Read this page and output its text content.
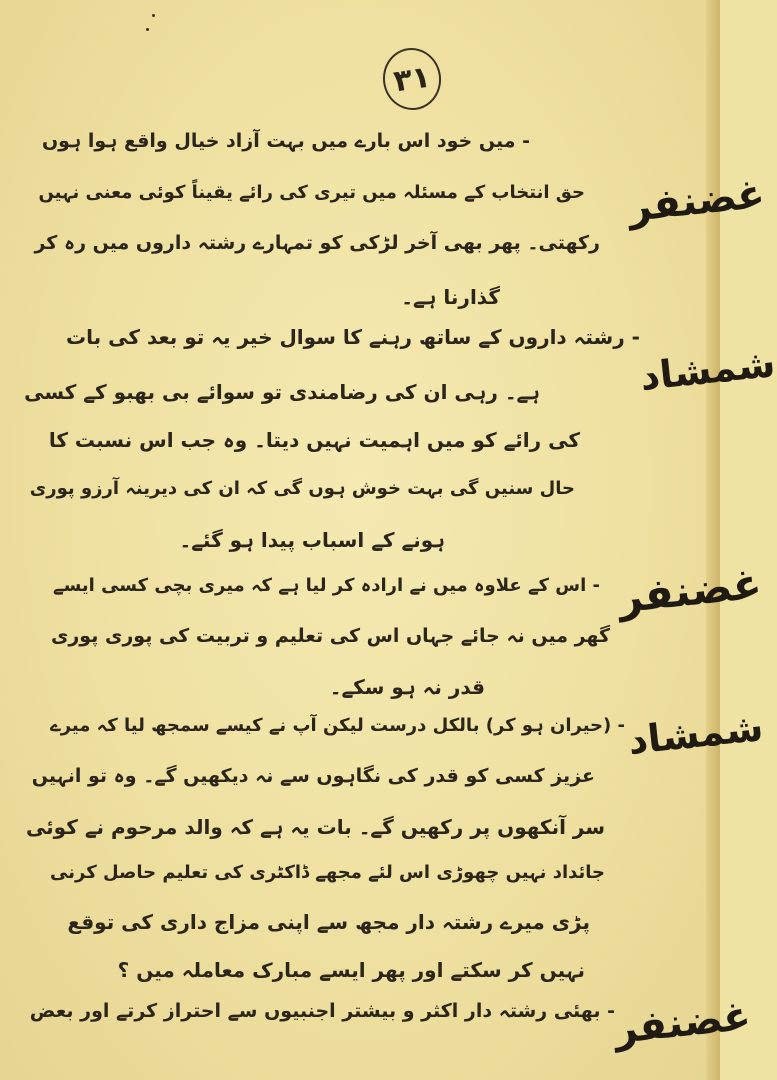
۳۱
غضنفر
- میں خود اس بارے میں بہت آزاد خیال واقع ہوا ہوں
حق انتخاب کے مسئلہ میں تیری کی رائے یقیناً کوئی معنی نہیں
رکھتی۔ پھر بھی آخر لڑکی کو تمہارے رشتہ داروں میں رہ کر
گذارنا ہے۔
شمشاد
- رشتہ داروں کے ساتھ رہنے کا سوال خیر یہ تو بعد کی بات
ہے۔ رہی ان کی رضامندی تو سوائے بی بھبو کے کسی
کی رائے کو میں اہمیت نہیں دیتا۔ وہ جب اس نسبت کا
حال سنیں گی بہت خوش ہوں گی کہ ان کی دیرینہ آرزو پوری
ہونے کے اسباب پیدا ہو گئے۔
غضنفر
- اس کے علاوہ میں نے ارادہ کر لیا ہے کہ میری بچی کسی ایسے
گھر میں نہ جائے جہاں اس کی تعلیم و تربیت کی پوری پوری
قدر نہ ہو سکے۔
شمشاد
- (حیران ہو کر) بالکل درست لیکن آپ نے کیسے سمجھ لیا کہ میرے
عزیز کسی کو قدر کی نگاہوں سے نہ دیکھیں گے۔ وہ تو انہیں
سر آنکھوں پر رکھیں گے۔ بات یہ ہے کہ والد مرحوم نے کوئی
جائداد نہیں چھوڑی اس لئے مجھے ڈاکٹری کی تعلیم حاصل کرنی
پڑی میرے رشتہ دار مجھ سے اپنی مزاج داری کی توقع
نہیں کر سکتے اور پھر ایسے مبارک معاملہ میں ؟
غضنفر
- بھئی رشتہ دار اکثر و بیشتر اجنبیوں سے احتراز کرتے اور بعض
